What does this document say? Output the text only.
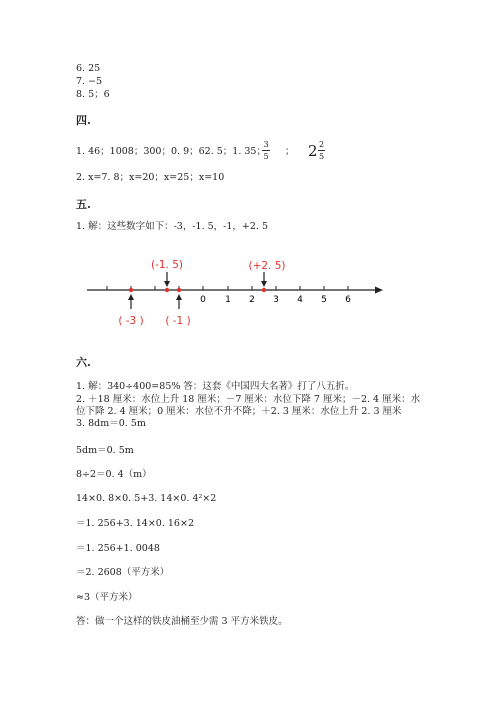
6. 25
7. −5
8. 5；6
四.
1. 46；1008；300；0. 9；62. 5；1. 35；
3
5 ； 2 2
5
2. x=7. 8；x=20；x=25；x=10
五.
1. 解：这些数字如下：-3，-1. 5，-1，+2. 5
0 1 2 3 4 5 6
(-1. 5)	(+2. 5)
( -3 ) ( -1 )
六.
1. 解：340÷400=85% 答：这套《中国四大名著》打了八五折。
2. ＋18 厘米：水位上升 18 厘米；－7 厘米：水位下降 7 厘米；－2. 4 厘米：水
位下降 2. 4 厘米；0 厘米：水位不升不降；＋2. 3 厘米：水位上升 2. 3 厘米
3. 8dm＝0. 5m
5dm＝0. 5m
8÷2＝0. 4（m）
14×0. 8×0. 5+3. 14×0. 4²×2
＝1. 256+3. 14×0. 16×2
＝1. 256+1. 0048
＝2. 2608（平方米）
≈3（平方米）
答：做一个这样的铁皮油桶至少需 3 平方米铁皮。
